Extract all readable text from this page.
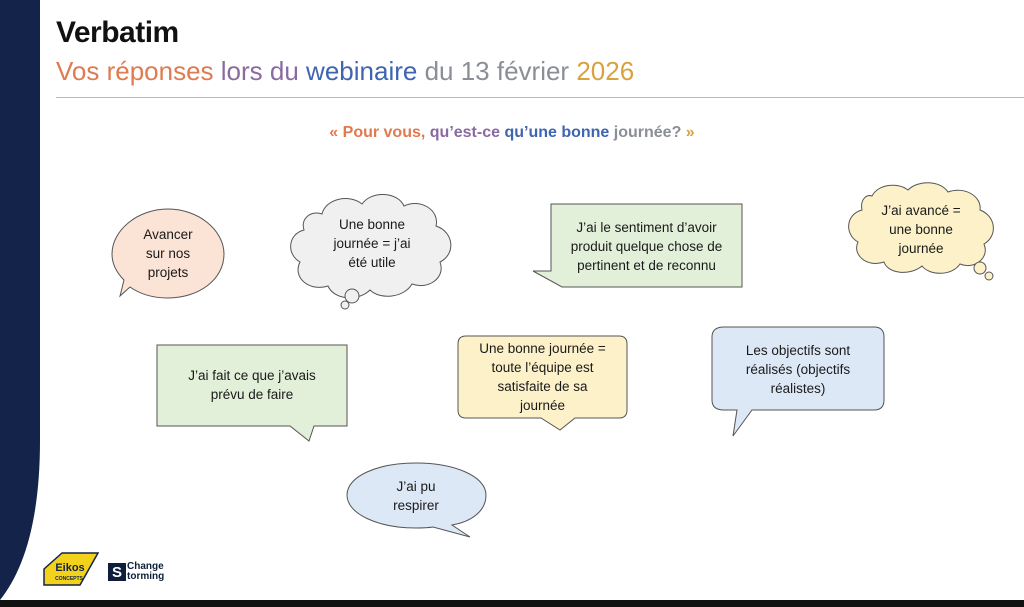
Verbatim
Vos réponses lors du webinaire du 13 février 2026
« Pour vous, qu’est-ce qu’une bonne journée? »
Avancer
sur nos
projets
Une bonne
journée = j’ai
été utile
J’ai le sentiment d’avoir
produit quelque chose de
pertinent et de reconnu
J’ai avancé =
une bonne
journée
J’ai fait ce que j’avais
prévu de faire
Une bonne journée =
toute l’équipe est
satisfaite de sa
journée
Les objectifs sont
réalisés (objectifs
réalistes)
J’ai pu
respirer
Eikos
CONCEPTS S Change
torming
